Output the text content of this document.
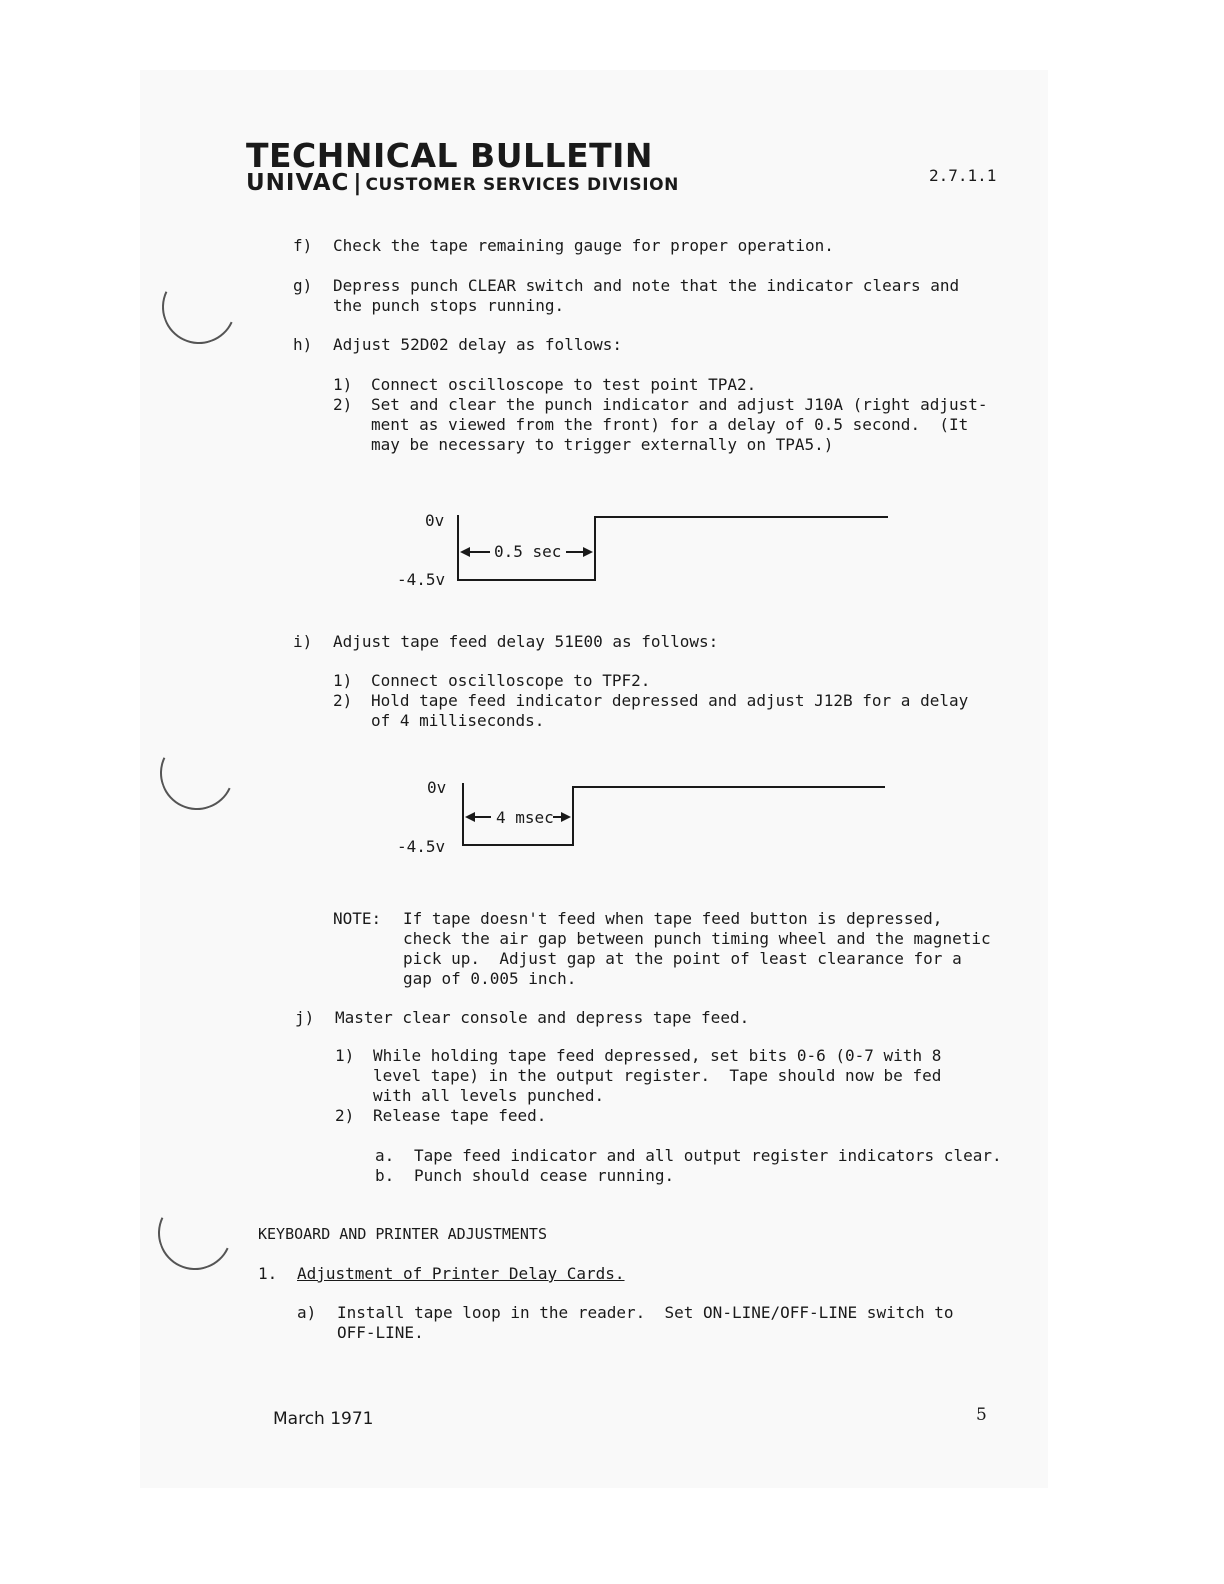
TECHNICAL BULLETIN
UNIVAC | CUSTOMER SERVICES DIVISION	2.7.1.1
f) Check the tape remaining gauge for proper operation.
g) Depress punch CLEAR switch and note that the indicator clears and
the punch stops running.
h) Adjust 52D02 delay as follows:
1) Connect oscilloscope to test point TPA2.
2) Set and clear the punch indicator and adjust J10A (right adjust-
ment as viewed from the front) for a delay of 0.5 second.  (It
may be necessary to trigger externally on TPA5.)
0v
-4.5v
0.5 sec
i) Adjust tape feed delay 51E00 as follows:
1) Connect oscilloscope to TPF2.
2) Hold tape feed indicator depressed and adjust J12B for a delay
of 4 milliseconds.
0v
-4.5v
4 msec
NOTE: If tape doesn't feed when tape feed button is depressed,
check the air gap between punch timing wheel and the magnetic
pick up.  Adjust gap at the point of least clearance for a
gap of 0.005 inch.
j) Master clear console and depress tape feed.
1) While holding tape feed depressed, set bits 0-6 (0-7 with 8
level tape) in the output register.  Tape should now be fed
with all levels punched.
2) Release tape feed.
a. Tape feed indicator and all output register indicators clear.
b. Punch should cease running.
KEYBOARD AND PRINTER ADJUSTMENTS
1. Adjustment of Printer Delay Cards.
a) Install tape loop in the reader.  Set ON-LINE/OFF-LINE switch to
OFF-LINE.
March 1971	5
